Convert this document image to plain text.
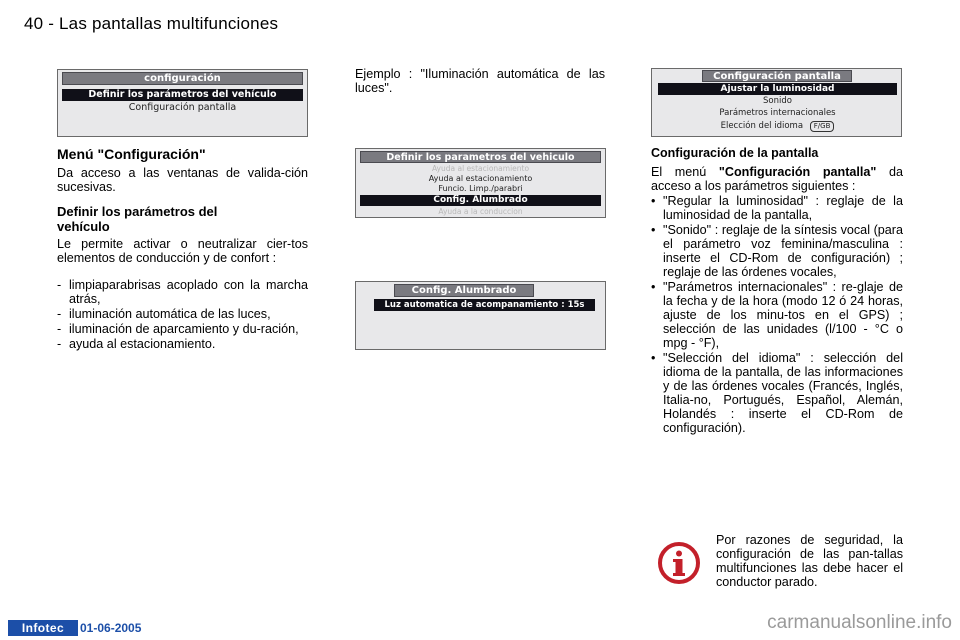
40 - Las pantallas multifunciones
configuración
Definir los parámetros del vehículo
Configuración pantalla
Menú "Configuración"
Da acceso a las ventanas de valida-ción sucesivas.
Definir los parámetros del vehículo
Le permite activar o neutralizar cier-tos elementos de conducción y de confort :
- limpiaparabrisas acoplado con la marcha atrás,
- iluminación automática de las luces,
- iluminación de aparcamiento y du-ración,
- ayuda al estacionamiento.
Ejemplo : "Iluminación automática de las luces".
Definir los parametros del vehiculo
Ayuda al estacionamiento
Ayuda al estacionamiento
Funcio. Limp./parabri
Config. Alumbrado
Ayuda a la conduccion
Config. Alumbrado
Luz automatica de acompanamiento : 15s
Configuración pantalla
Ajustar la luminosidad
Sonido
Parámetros internacionales
Elección del idioma F/GB
Configuración de la pantalla
El menú "Configuración pantalla" da acceso a los parámetros siguientes :
• "Regular la luminosidad" : reglaje de la luminosidad de la pantalla,
• "Sonido" : reglaje de la síntesis vocal (para el parámetro voz feminina/masculina : inserte el CD-Rom de configuración) ; reglaje de las órdenes vocales,
• "Parámetros internacionales" : re-glaje de la fecha y de la hora (modo 12 ó 24 horas, ajuste de los minu-tos en el GPS) ; selección de las unidades (l/100 - °C o mpg - °F),
• "Selección del idioma" : selección del idioma de la pantalla, de las informaciones y de las órdenes vocales (Francés, Inglés, Italia-no, Portugués, Español, Alemán, Holandés : inserte el CD-Rom de configuración).
Por razones de seguridad, la configuración de las pan-tallas multifunciones las debe hacer el conductor parado.
Infotec	01-06-2005	carmanualsonline.info
